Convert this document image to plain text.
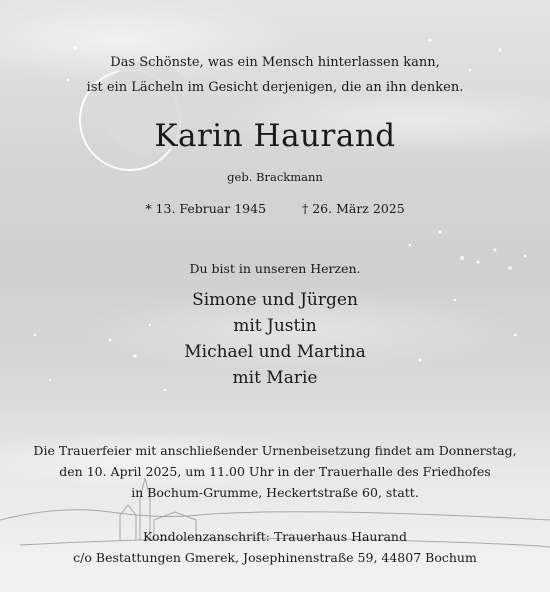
Das Schönste, was ein Mensch hinterlassen kann,
ist ein Lächeln im Gesicht derjenigen, die an ihn denken.
Karin Haurand
geb. Brackmann
* 13. Februar 1945	† 26. März 2025
Du bist in unseren Herzen.
Simone und Jürgen
mit Justin
Michael und Martina
mit Marie
Die Trauerfeier mit anschließender Urnenbeisetzung findet am Donnerstag,
den 10. April 2025, um 11.00 Uhr in der Trauerhalle des Friedhofes
in Bochum-Grumme, Heckertstraße 60, statt.
Kondolenzanschrift: Trauerhaus Haurand
c/o Bestattungen Gmerek, Josephinenstraße 59, 44807 Bochum
